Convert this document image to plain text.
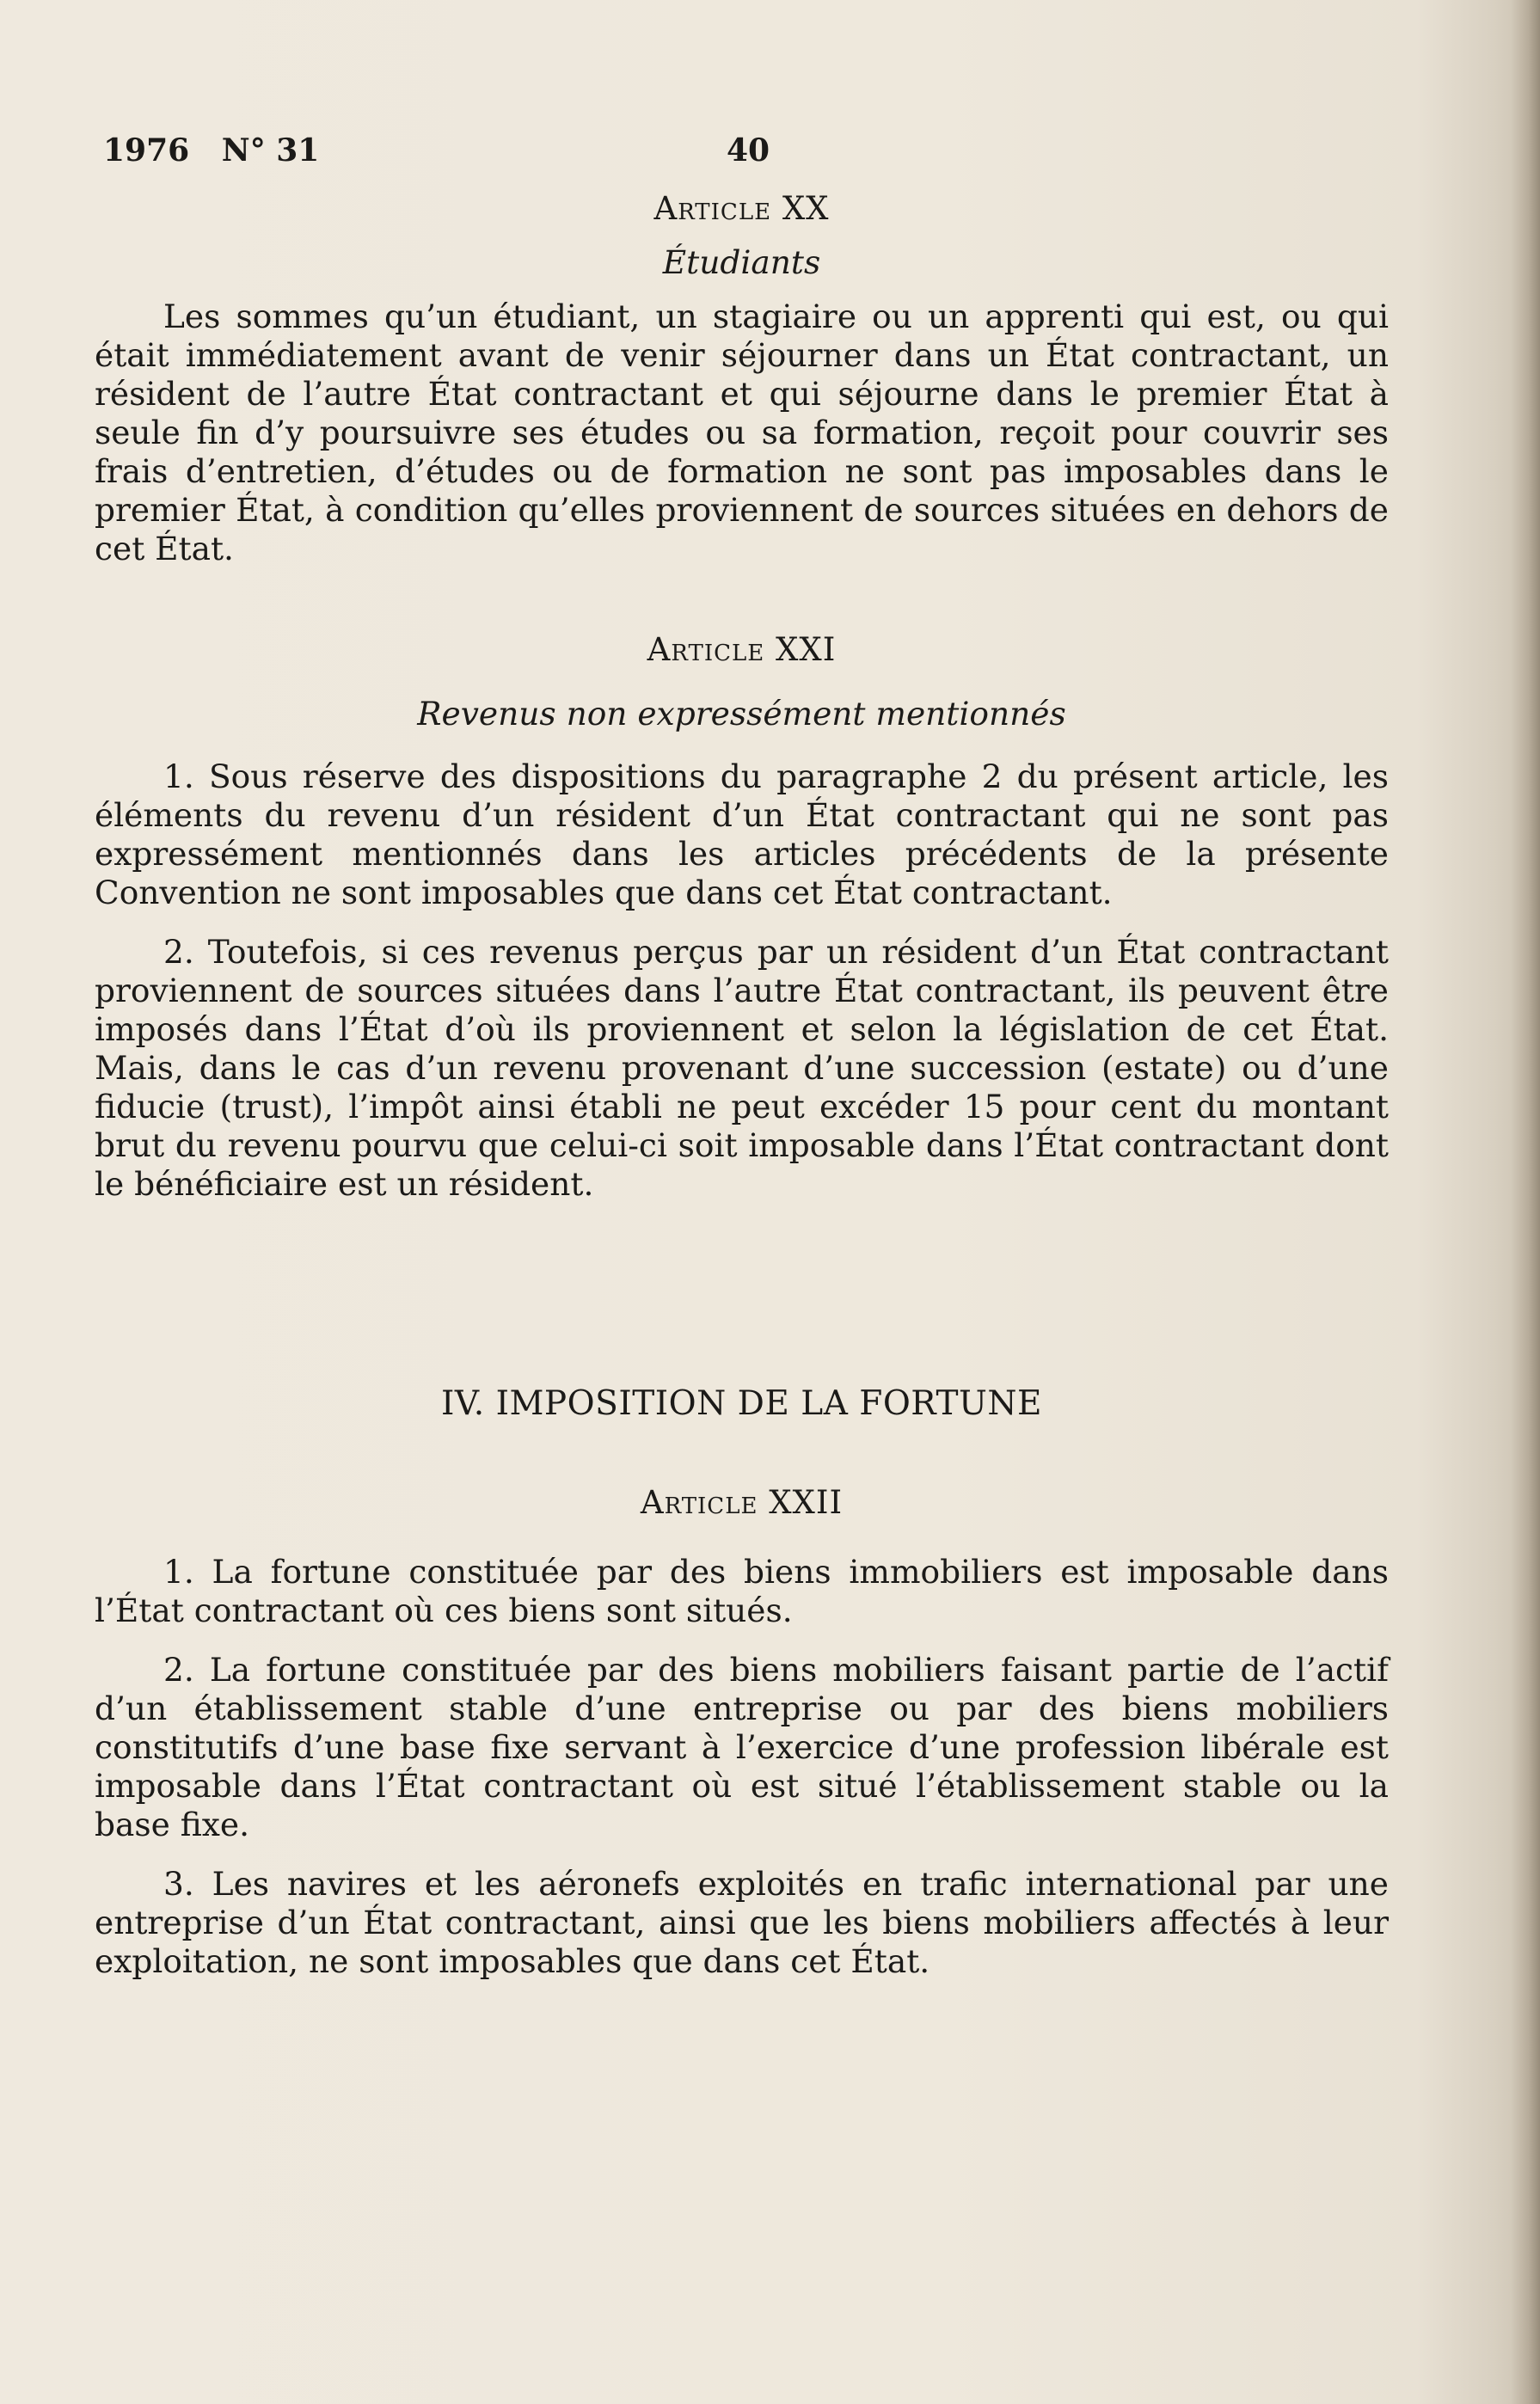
1976   N° 31	40
Article XX

Étudiants

Les sommes qu’un étudiant, un stagiaire ou un apprenti qui est, ou qui était immédiatement avant de venir séjourner dans un État contractant, un résident de l’autre État contractant et qui séjourne dans le premier État à seule fin d’y poursuivre ses études ou sa formation, reçoit pour couvrir ses frais d’entretien, d’études ou de formation ne sont pas imposables dans le premier État, à condition qu’elles proviennent de sources situées en dehors de cet État.

Article XXI

Revenus non expressément mentionnés

1. Sous réserve des dispositions du paragraphe 2 du présent article, les éléments du revenu d’un résident d’un État contractant qui ne sont pas expressément mentionnés dans les articles précédents de la présente Convention ne sont imposables que dans cet État contractant.

2. Toutefois, si ces revenus perçus par un résident d’un État contractant proviennent de sources situées dans l’autre État contractant, ils peuvent être imposés dans l’État d’où ils proviennent et selon la législation de cet État. Mais, dans le cas d’un revenu provenant d’une succession (estate) ou d’une fiducie (trust), l’impôt ainsi établi ne peut excéder 15 pour cent du montant brut du revenu pourvu que celui-ci soit imposable dans l’État contractant dont le bénéficiaire est un résident.

IV. IMPOSITION DE LA FORTUNE
Article XXII

1. La fortune constituée par des biens immobiliers est imposable dans l’État contractant où ces biens sont situés.

2. La fortune constituée par des biens mobiliers faisant partie de l’actif d’un établissement stable d’une entreprise ou par des biens mobiliers constitutifs d’une base fixe servant à l’exercice d’une profession libérale est imposable dans l’État contractant où est situé l’établissement stable ou la base fixe.

3. Les navires et les aéronefs exploités en trafic international par une entreprise d’un État contractant, ainsi que les biens mobiliers affectés à leur exploitation, ne sont imposables que dans cet État.
